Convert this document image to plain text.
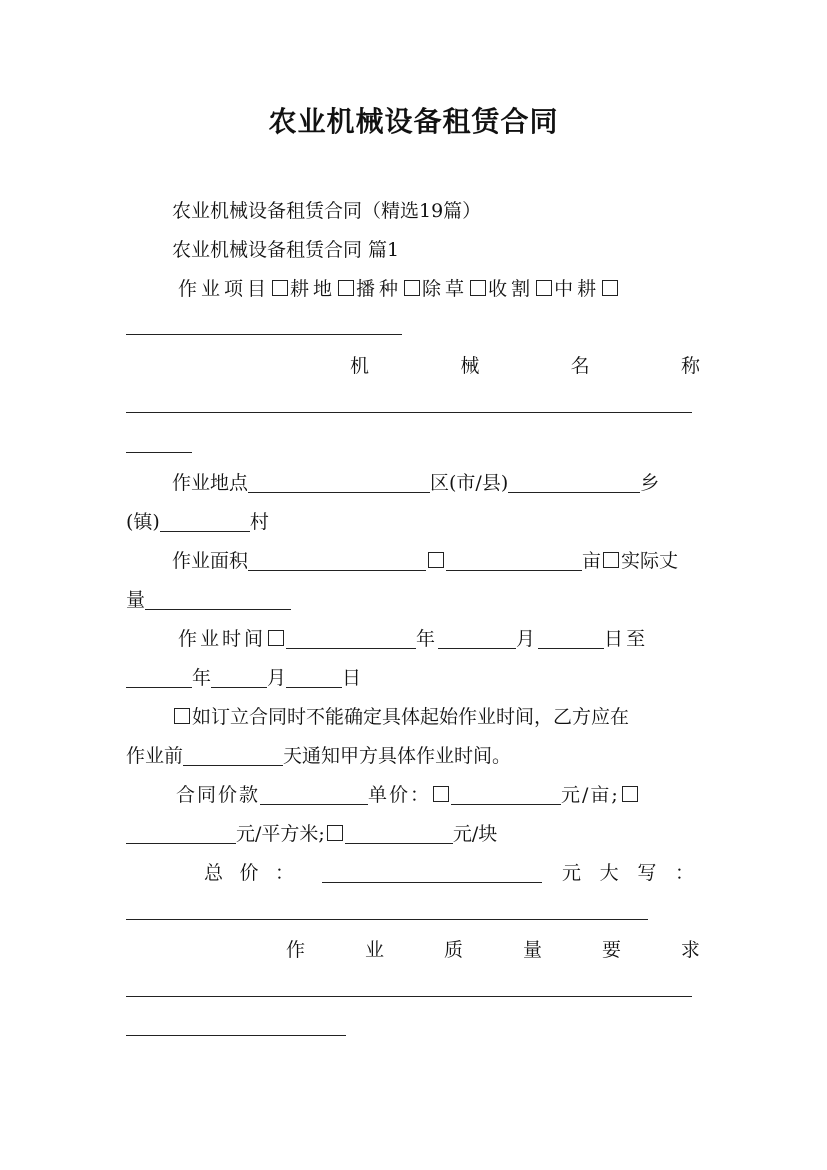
农业机械设备租赁合同
农业机械设备租赁合同（精选19篇）
农业机械设备租赁合同 篇1
作业项目 耕地 播种 除草 收割 中耕
机	械	名	称
作业地点	区(市/县)	乡
(镇)	村
作业面积	亩 实际丈
量
作业时间	年	月	日至
年	月	日
如订立合同时不能确定具体起始作业时间，乙方应在
作业前	天通知甲方具体作业时间。
合同价款	单价：	元/亩;
元/平方米;	元/块
总 价 ：	元 大 写 ：
作	业	质	量	要	求
